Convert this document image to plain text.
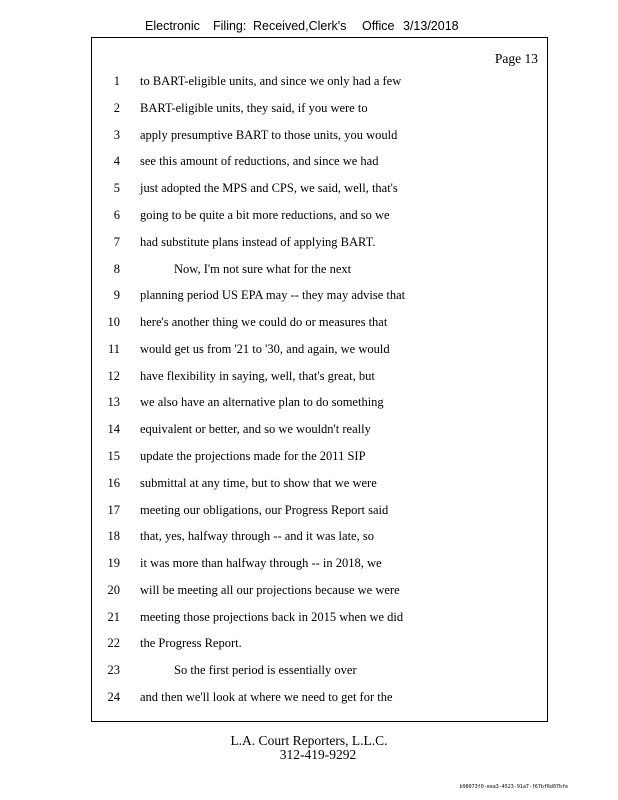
Electronic Filing: Received,Clerk's Office 3/13/2018
Page 13
1 to BART-eligible units, and since we only had a few
2 BART-eligible units, they said, if you were to
3 apply presumptive BART to those units, you would
4 see this amount of reductions, and since we had
5 just adopted the MPS and CPS, we said, well, that's
6 going to be quite a bit more reductions, and so we
7 had substitute plans instead of applying BART.
8	Now, I'm not sure what for the next
9 planning period US EPA may -- they may advise that
10 here's another thing we could do or measures that
11 would get us from '21 to '30, and again, we would
12 have flexibility in saying, well, that's great, but
13 we also have an alternative plan to do something
14 equivalent or better, and so we wouldn't really
15 update the projections made for the 2011 SIP
16 submittal at any time, but to show that we were
17 meeting our obligations, our Progress Report said
18 that, yes, halfway through -- and it was late, so
19 it was more than halfway through -- in 2018, we
20 will be meeting all our projections because we were
21 meeting those projections back in 2015 when we did
22 the Progress Report.
23	So the first period is essentially over
24 and then we'll look at where we need to get for the
L.A. Court Reporters, L.L.C.
312-419-9292
b98073f0-eea3-4523-91a7-f67bf6d07bfe
